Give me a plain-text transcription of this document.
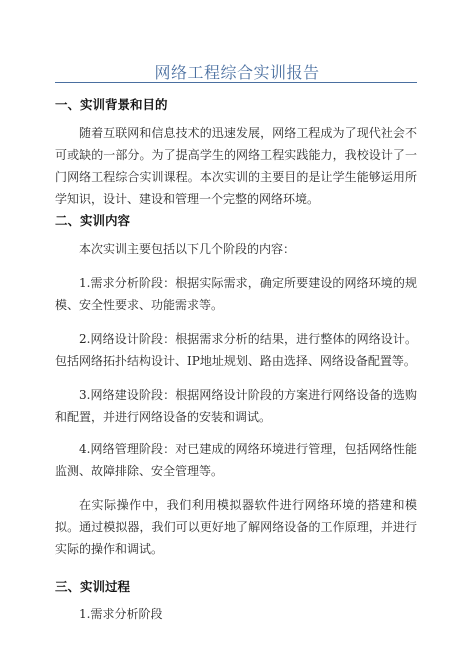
网络工程综合实训报告
一、实训背景和目的

随着互联网和信息技术的迅速发展，网络工程成为了现代社会不可或缺的一部分。为了提高学生的网络工程实践能力，我校设计了一门网络工程综合实训课程。本次实训的主要目的是让学生能够运用所学知识，设计、建设和管理一个完整的网络环境。

二、实训内容

本次实训主要包括以下几个阶段的内容：

1.需求分析阶段：根据实际需求，确定所要建设的网络环境的规模、安全性要求、功能需求等。

2.网络设计阶段：根据需求分析的结果，进行整体的网络设计。包括网络拓扑结构设计、IP地址规划、路由选择、网络设备配置等。

3.网络建设阶段：根据网络设计阶段的方案进行网络设备的选购和配置，并进行网络设备的安装和调试。

4.网络管理阶段：对已建成的网络环境进行管理，包括网络性能监测、故障排除、安全管理等。

在实际操作中，我们利用模拟器软件进行网络环境的搭建和模拟。通过模拟器，我们可以更好地了解网络设备的工作原理，并进行实际的操作和调试。

三、实训过程

1.需求分析阶段
